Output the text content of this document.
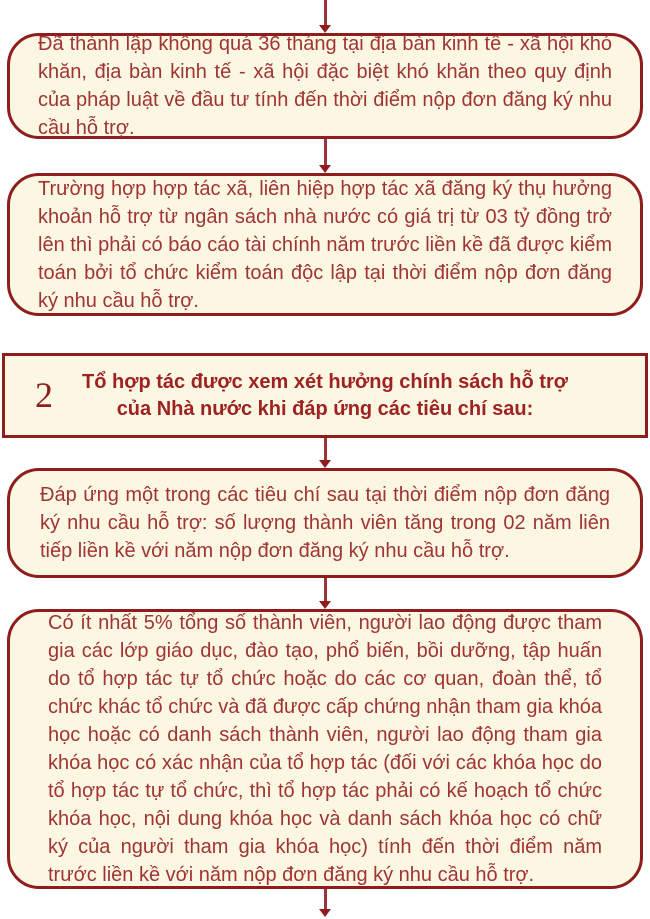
Đã thành lập không quá 36 tháng tại địa bàn kinh tế - xã hội khó khăn, địa bàn kinh tế - xã hội đặc biệt khó khăn theo quy định của pháp luật về đầu tư tính đến thời điểm nộp đơn đăng ký nhu cầu hỗ trợ.

Trường hợp hợp tác xã, liên hiệp hợp tác xã đăng ký thụ hưởng khoản hỗ trợ từ ngân sách nhà nước có giá trị từ 03 tỷ đồng trở lên thì phải có báo cáo tài chính năm trước liền kề đã được kiểm toán bởi tổ chức kiểm toán độc lập tại thời điểm nộp đơn đăng ký nhu cầu hỗ trợ.

2 Tổ hợp tác được xem xét hưởng chính sách hỗ trợ
của Nhà nước khi đáp ứng các tiêu chí sau:

Đáp ứng một trong các tiêu chí sau tại thời điểm nộp đơn đăng ký nhu cầu hỗ trợ: số lượng thành viên tăng trong 02 năm liên tiếp liền kề với năm nộp đơn đăng ký nhu cầu hỗ trợ.

Có ít nhất 5% tổng số thành viên, người lao động được tham gia các lớp giáo dục, đào tạo, phổ biến, bồi dưỡng, tập huấn do tổ hợp tác tự tổ chức hoặc do các cơ quan, đoàn thể, tổ chức khác tổ chức và đã được cấp chứng nhận tham gia khóa học hoặc có danh sách thành viên, người lao động tham gia khóa học có xác nhận của tổ hợp tác (đối với các khóa học do tổ hợp tác tự tổ chức, thì tổ hợp tác phải có kế hoạch tổ chức khóa học, nội dung khóa học và danh sách khóa học có chữ ký của người tham gia khóa học) tính đến thời điểm năm trước liền kề với năm nộp đơn đăng ký nhu cầu hỗ trợ.
